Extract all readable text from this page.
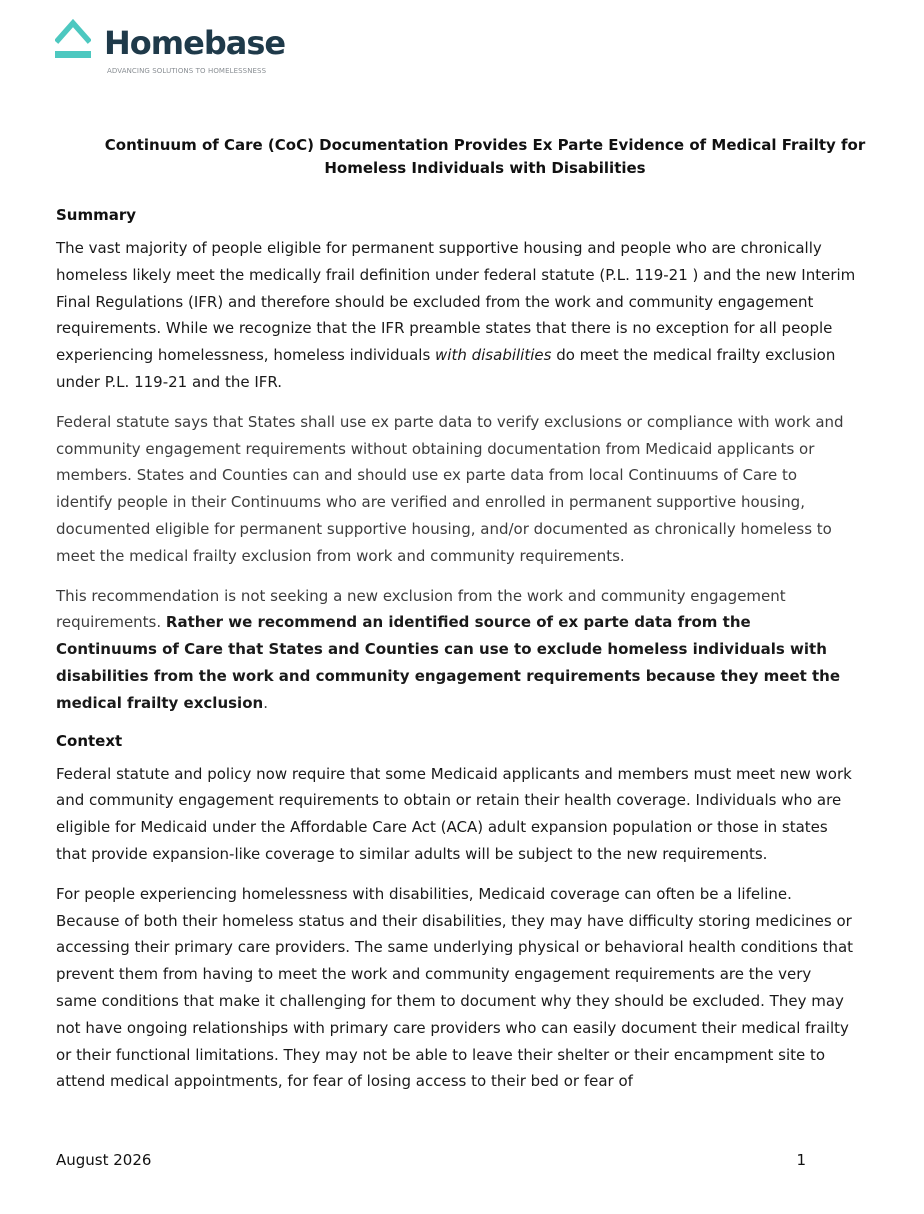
Homebase
ADVANCING SOLUTIONS TO HOMELESSNESS
Continuum of Care (CoC) Documentation Provides Ex Parte Evidence of Medical Frailty for
Homeless Individuals with Disabilities
Summary

The vast majority of people eligible for permanent supportive housing and people who are chronically homeless likely meet the medically frail definition under federal statute (P.L. 119-21 ) and the new Interim Final Regulations (IFR) and therefore should be excluded from the work and community engagement requirements. While we recognize that the IFR preamble states that there is no exception for all people experiencing homelessness, homeless individuals with disabilities do meet the medical frailty exclusion under P.L. 119-21 and the IFR.

Federal statute says that States shall use ex parte data to verify exclusions or compliance with work and community engagement requirements without obtaining documentation from Medicaid applicants or members. States and Counties can and should use ex parte data from local Continuums of Care to identify people in their Continuums who are verified and enrolled in permanent supportive housing, documented eligible for permanent supportive housing, and/or documented as chronically homeless to meet the medical frailty exclusion from work and community requirements.

This recommendation is not seeking a new exclusion from the work and community engagement requirements. Rather we recommend an identified source of ex parte data from the Continuums of Care that States and Counties can use to exclude homeless individuals with disabilities from the work and community engagement requirements because they meet the medical frailty exclusion.

Context

Federal statute and policy now require that some Medicaid applicants and members must meet new work and community engagement requirements to obtain or retain their health coverage. Individuals who are eligible for Medicaid under the Affordable Care Act (ACA) adult expansion population or those in states that provide expansion-like coverage to similar adults will be subject to the new requirements.

For people experiencing homelessness with disabilities, Medicaid coverage can often be a lifeline. Because of both their homeless status and their disabilities, they may have difficulty storing medicines or accessing their primary care providers. The same underlying physical or behavioral health conditions that prevent them from having to meet the work and community engagement requirements are the very same conditions that make it challenging for them to document why they should be excluded. They may not have ongoing relationships with primary care providers who can easily document their medical frailty or their functional limitations. They may not be able to leave their shelter or their encampment site to attend medical appointments, for fear of losing access to their bed or fear of

August 2026	1
